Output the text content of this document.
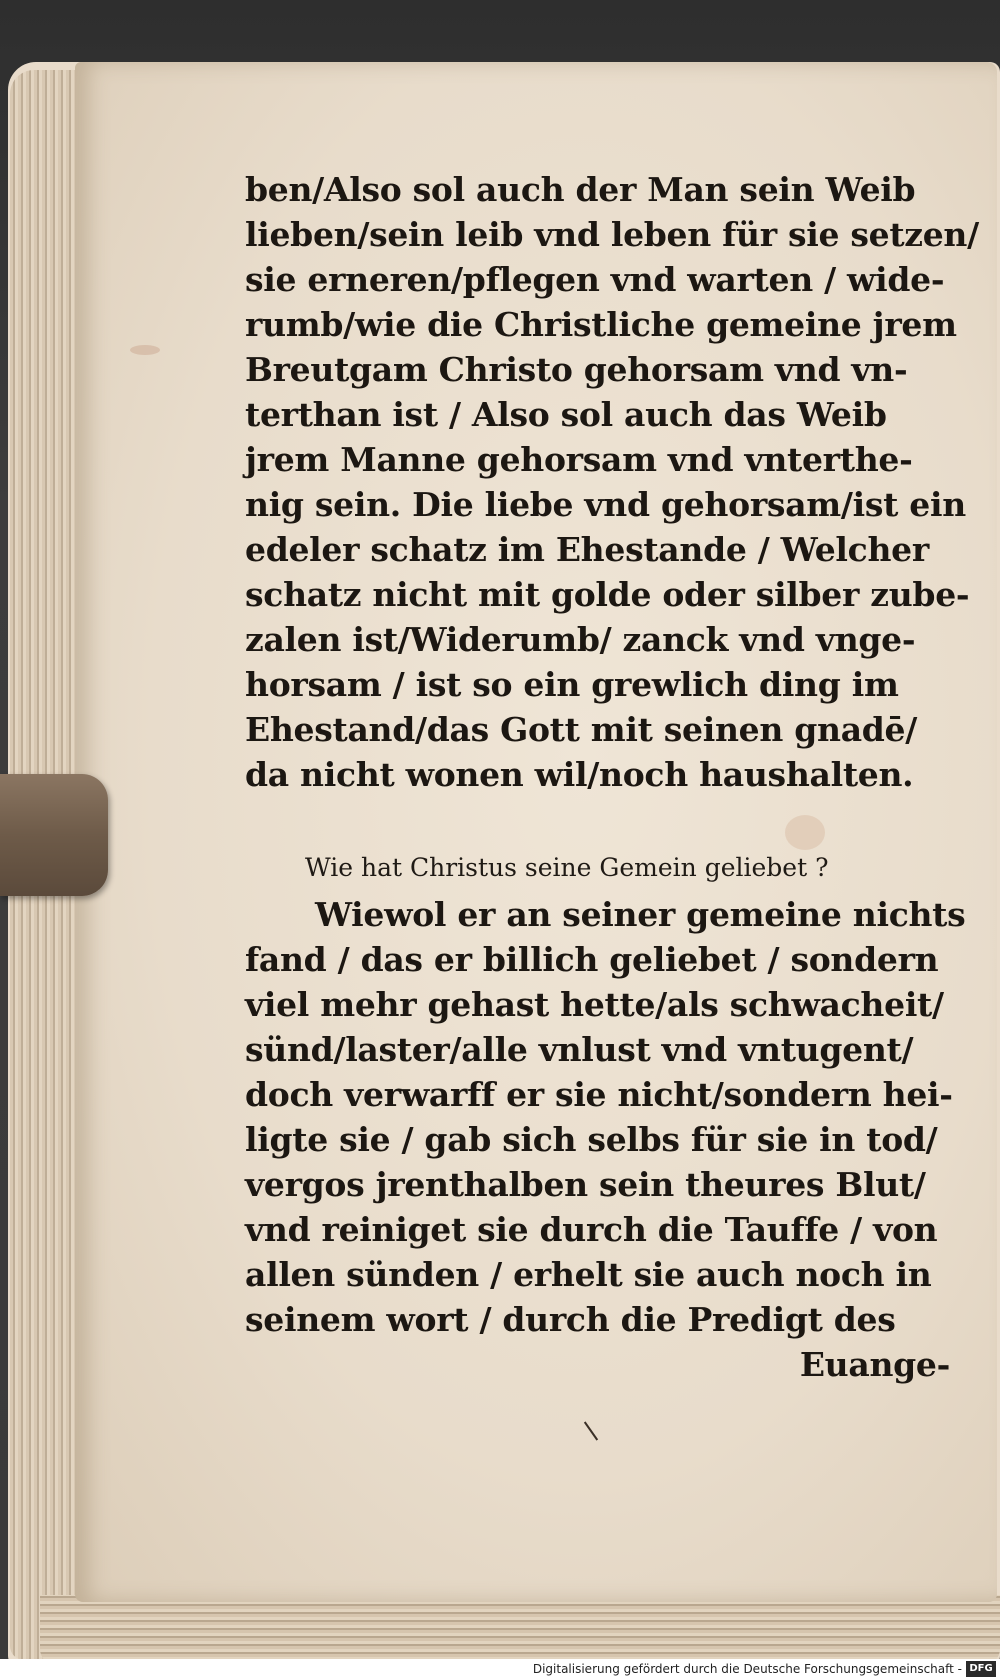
ben/Also sol auch der Man sein Weib
lieben/sein leib vnd leben für sie setzen/
sie erneren/pflegen vnd warten / wide-
rumb/wie die Christliche gemeine jrem
Breutgam Christo gehorsam vnd vn-
terthan ist / Also sol auch das Weib
jrem Manne gehorsam vnd vnterthe-
nig sein. Die liebe vnd gehorsam/ist ein
edeler schatz im Ehestande / Welcher
schatz nicht mit golde oder silber zube-
zalen ist/Widerumb/ zanck vnd vnge-
horsam / ist so ein grewlich ding im
Ehestand/das Gott mit seinen gnadē/
da nicht wonen wil/noch haushalten.
Wie hat Christus seine Gemein geliebet ?
Wiewol er an seiner gemeine nichts
fand / das er billich geliebet / sondern
viel mehr gehast hette/als schwacheit/
sünd/laster/alle vnlust vnd vntugent/
doch verwarff er sie nicht/sondern hei-
ligte sie / gab sich selbs für sie in tod/
vergos jrenthalben sein theures Blut/
vnd reiniget sie durch die Tauffe / von
allen sünden / erhelt sie auch noch in
seinem wort / durch die Predigt des
Euange-
Digitalisierung gefördert durch die Deutsche Forschungsgemeinschaft - DFG
